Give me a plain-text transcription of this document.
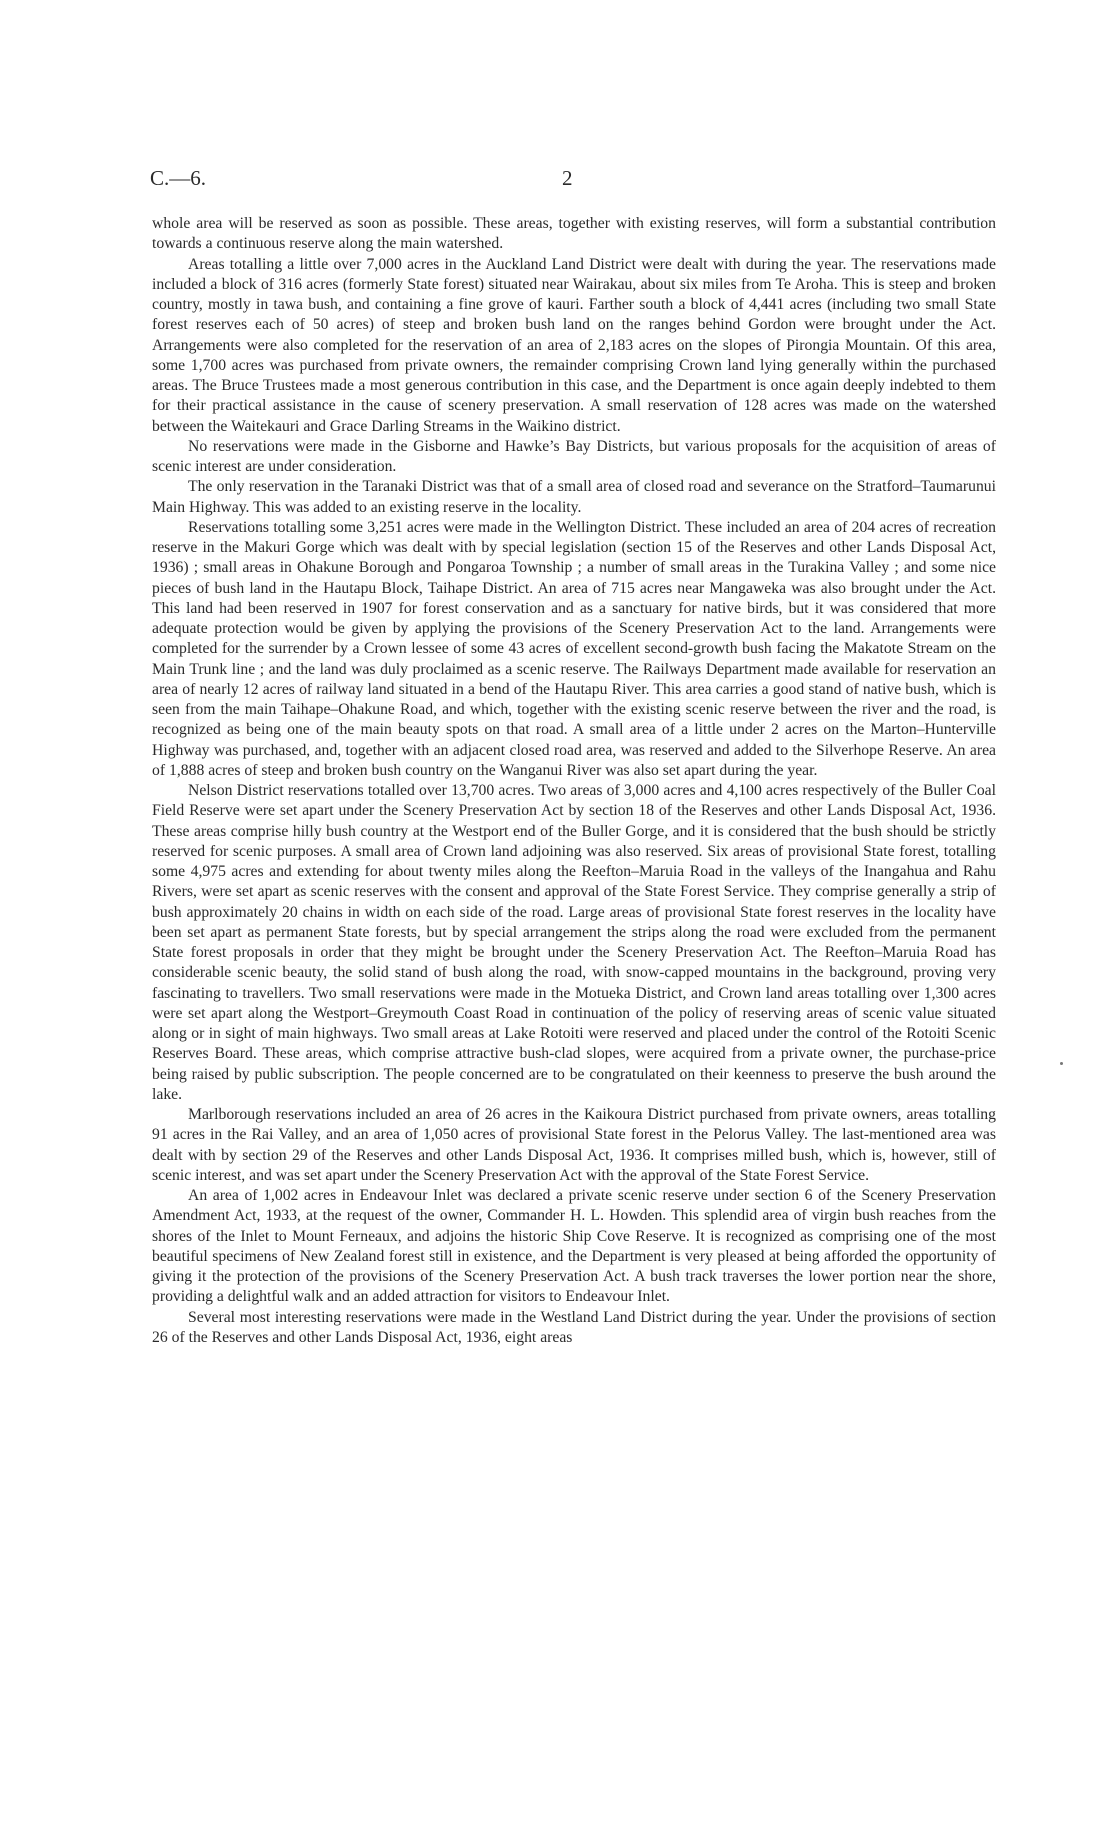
C.—6.	2

whole area will be reserved as soon as possible. These areas, together with existing reserves, will form a substantial contribution towards a continuous reserve along the main watershed.

Areas totalling a little over 7,000 acres in the Auckland Land District were dealt with during the year. The reservations made included a block of 316 acres (formerly State forest) situated near Wairakau, about six miles from Te Aroha. This is steep and broken country, mostly in tawa bush, and containing a fine grove of kauri. Farther south a block of 4,441 acres (including two small State forest reserves each of 50 acres) of steep and broken bush land on the ranges behind Gordon were brought under the Act. Arrangements were also completed for the reservation of an area of 2,183 acres on the slopes of Pirongia Mountain. Of this area, some 1,700 acres was purchased from private owners, the remainder comprising Crown land lying generally within the purchased areas. The Bruce Trustees made a most generous contribution in this case, and the Department is once again deeply indebted to them for their practical assistance in the cause of scenery preservation. A small reservation of 128 acres was made on the watershed between the Waitekauri and Grace Darling Streams in the Waikino district.

No reservations were made in the Gisborne and Hawke’s Bay Districts, but various proposals for the acquisition of areas of scenic interest are under consideration.

The only reservation in the Taranaki District was that of a small area of closed road and severance on the Stratford–Taumarunui Main Highway. This was added to an existing reserve in the locality.

Reservations totalling some 3,251 acres were made in the Wellington District. These included an area of 204 acres of recreation reserve in the Makuri Gorge which was dealt with by special legislation (section 15 of the Reserves and other Lands Disposal Act, 1936) ; small areas in Ohakune Borough and Pongaroa Township ; a number of small areas in the Turakina Valley ; and some nice pieces of bush land in the Hautapu Block, Taihape District. An area of 715 acres near Mangaweka was also brought under the Act. This land had been reserved in 1907 for forest conservation and as a sanctuary for native birds, but it was considered that more adequate protection would be given by applying the provisions of the Scenery Preservation Act to the land. Arrangements were completed for the surrender by a Crown lessee of some 43 acres of excellent second-growth bush facing the Makatote Stream on the Main Trunk line ; and the land was duly proclaimed as a scenic reserve. The Railways Department made available for reservation an area of nearly 12 acres of railway land situated in a bend of the Hautapu River. This area carries a good stand of native bush, which is seen from the main Taihape–Ohakune Road, and which, together with the existing scenic reserve between the river and the road, is recognized as being one of the main beauty spots on that road. A small area of a little under 2 acres on the Marton–Hunterville Highway was purchased, and, together with an adjacent closed road area, was reserved and added to the Silverhope Reserve. An area of 1,888 acres of steep and broken bush country on the Wanganui River was also set apart during the year.

Nelson District reservations totalled over 13,700 acres. Two areas of 3,000 acres and 4,100 acres respectively of the Buller Coal Field Reserve were set apart under the Scenery Preservation Act by section 18 of the Reserves and other Lands Disposal Act, 1936. These areas comprise hilly bush country at the Westport end of the Buller Gorge, and it is considered that the bush should be strictly reserved for scenic purposes. A small area of Crown land adjoining was also reserved. Six areas of provisional State forest, totalling some 4,975 acres and extending for about twenty miles along the Reefton–Maruia Road in the valleys of the Inangahua and Rahu Rivers, were set apart as scenic reserves with the consent and approval of the State Forest Service. They comprise generally a strip of bush approximately 20 chains in width on each side of the road. Large areas of provisional State forest reserves in the locality have been set apart as permanent State forests, but by special arrangement the strips along the road were excluded from the permanent State forest proposals in order that they might be brought under the Scenery Preservation Act. The Reefton–Maruia Road has considerable scenic beauty, the solid stand of bush along the road, with snow-capped mountains in the background, proving very fascinating to travellers. Two small reservations were made in the Motueka District, and Crown land areas totalling over 1,300 acres were set apart along the Westport–Greymouth Coast Road in continuation of the policy of reserving areas of scenic value situated along or in sight of main highways. Two small areas at Lake Rotoiti were reserved and placed under the control of the Rotoiti Scenic Reserves Board. These areas, which comprise attractive bush-clad slopes, were acquired from a private owner, the purchase-price being raised by public subscription. The people concerned are to be congratulated on their keenness to preserve the bush around the lake.

Marlborough reservations included an area of 26 acres in the Kaikoura District purchased from private owners, areas totalling 91 acres in the Rai Valley, and an area of 1,050 acres of provisional State forest in the Pelorus Valley. The last-mentioned area was dealt with by section 29 of the Reserves and other Lands Disposal Act, 1936. It comprises milled bush, which is, however, still of scenic interest, and was set apart under the Scenery Preservation Act with the approval of the State Forest Service.

An area of 1,002 acres in Endeavour Inlet was declared a private scenic reserve under section 6 of the Scenery Preservation Amendment Act, 1933, at the request of the owner, Commander H. L. Howden. This splendid area of virgin bush reaches from the shores of the Inlet to Mount Ferneaux, and adjoins the historic Ship Cove Reserve. It is recognized as comprising one of the most beautiful specimens of New Zealand forest still in existence, and the Department is very pleased at being afforded the opportunity of giving it the protection of the provisions of the Scenery Preservation Act. A bush track traverses the lower portion near the shore, providing a delightful walk and an added attraction for visitors to Endeavour Inlet.

Several most interesting reservations were made in the Westland Land District during the year. Under the provisions of section 26 of the Reserves and other Lands Disposal Act, 1936, eight areas
